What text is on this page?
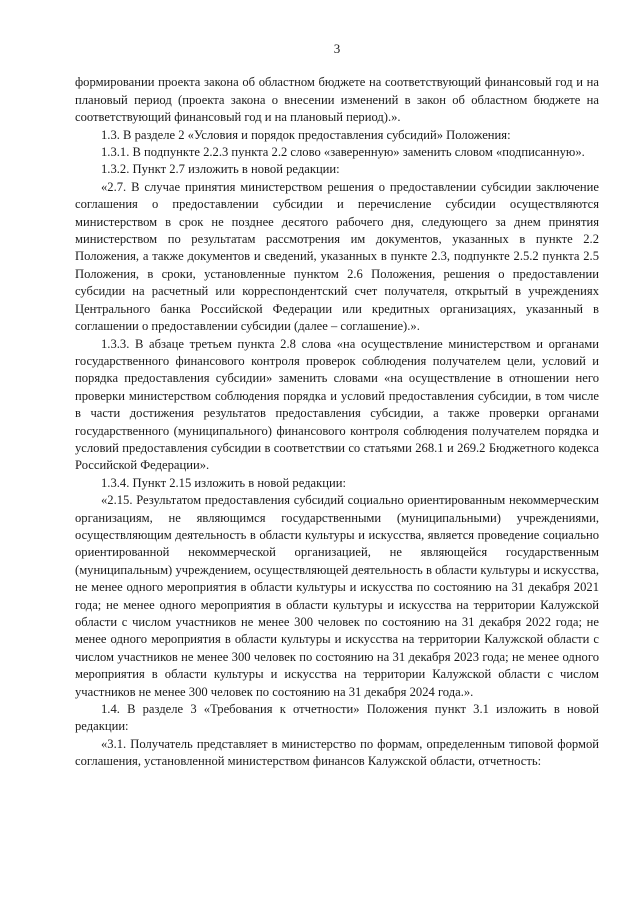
3

формировании проекта закона об областном бюджете на соответствующий финансовый год и на плановый период (проекта закона о внесении изменений в закон об областном бюджете на соответствующий финансовый год и на плановый период).».

1.3. В разделе 2 «Условия и порядок предоставления субсидий» Положения:

1.3.1. В подпункте 2.2.3 пункта 2.2 слово «заверенную» заменить словом «подписанную».

1.3.2. Пункт 2.7 изложить в новой редакции:

«2.7. В случае принятия министерством решения о предоставлении субсидии заключение соглашения о предоставлении субсидии и перечисление субсидии осуществляются министерством в срок не позднее десятого рабочего дня, следующего за днем принятия министерством по результатам рассмотрения им документов, указанных в пункте 2.2 Положения, а также документов и сведений, указанных в пункте 2.3, подпункте 2.5.2 пункта 2.5 Положения, в сроки, установленные пунктом 2.6 Положения, решения о предоставлении субсидии на расчетный или корреспондентский счет получателя, открытый в учреждениях Центрального банка Российской Федерации или кредитных организациях, указанный в соглашении о предоставлении субсидии (далее – соглашение).».

1.3.3. В абзаце третьем пункта 2.8 слова «на осуществление министерством и органами государственного финансового контроля проверок соблюдения получателем цели, условий и порядка предоставления субсидии» заменить словами «на осуществление в отношении него проверки министерством соблюдения порядка и условий предоставления субсидии, в том числе в части достижения результатов предоставления субсидии, а также проверки органами государственного (муниципального) финансового контроля соблюдения получателем порядка и условий предоставления субсидии в соответствии со статьями 268.1 и 269.2 Бюджетного кодекса Российской Федерации».

1.3.4. Пункт 2.15 изложить в новой редакции:

«2.15. Результатом предоставления субсидий социально ориентированным некоммерческим организациям, не являющимся государственными (муниципальными) учреждениями, осуществляющим деятельность в области культуры и искусства, является проведение социально ориентированной некоммерческой организацией, не являющейся государственным (муниципальным) учреждением, осуществляющей деятельность в области культуры и искусства, не менее одного мероприятия в области культуры и искусства по состоянию на 31 декабря 2021 года; не менее одного мероприятия в области культуры и искусства на территории Калужской области с числом участников не менее 300 человек по состоянию на 31 декабря 2022 года; не менее одного мероприятия в области культуры и искусства на территории Калужской области с числом участников не менее 300 человек по состоянию на 31 декабря 2023 года; не менее одного мероприятия в области культуры и искусства на территории Калужской области с числом участников не менее 300 человек по состоянию на 31 декабря 2024 года.».

1.4. В разделе 3 «Требования к отчетности» Положения пункт 3.1 изложить в новой редакции:

«3.1. Получатель представляет в министерство по формам, определенным типовой формой соглашения, установленной министерством финансов Калужской области, отчетность:
